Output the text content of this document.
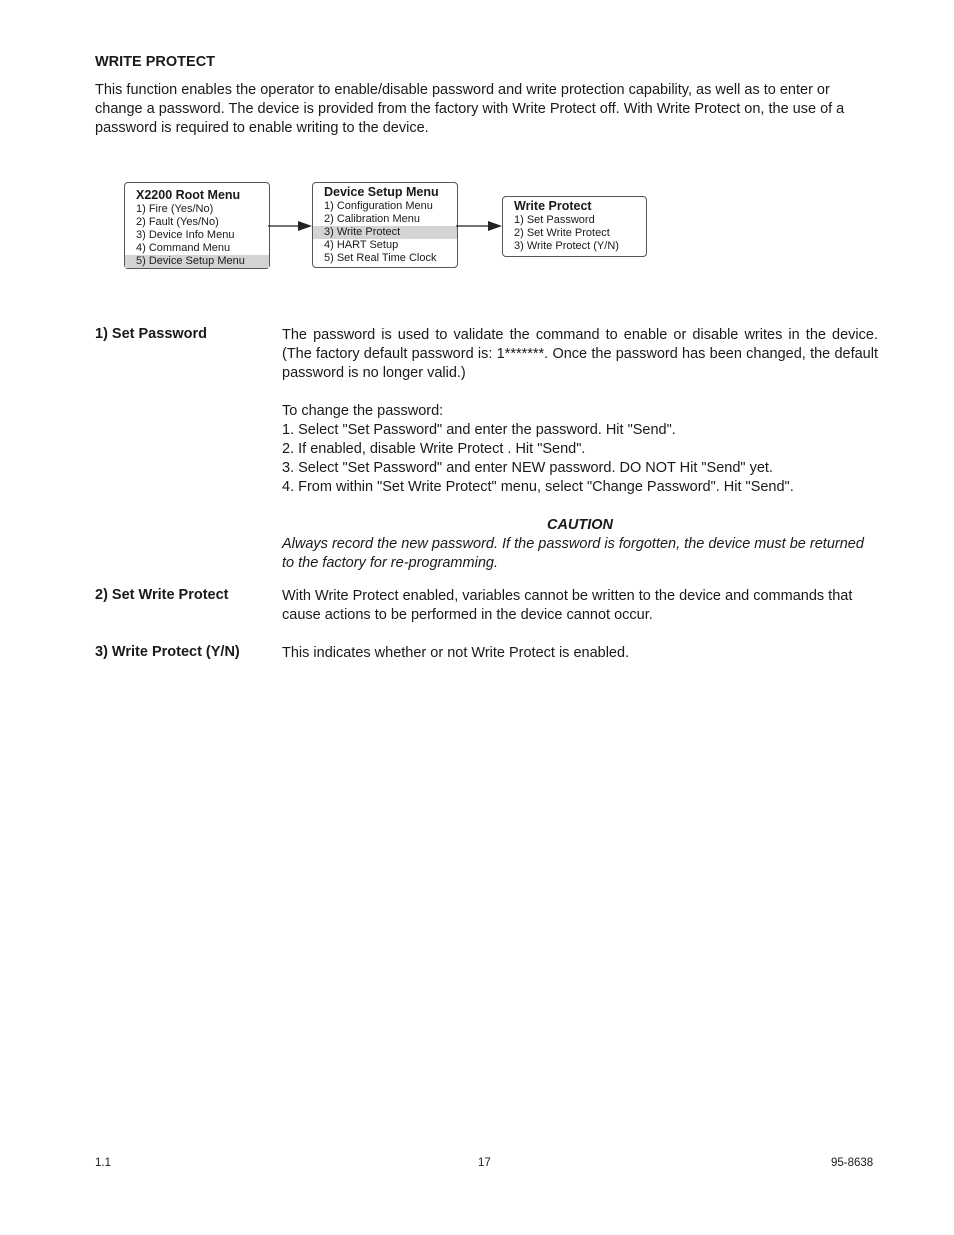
WRITE PROTECT

This function enables the operator to enable/disable password and write protection capability, as well as to enter or change a password. The device is provided from the factory with Write Protect off. With Write Protect on, the use of a password is required to enable writing to the device.

X2200 Root Menu
1) Fire (Yes/No)
2) Fault (Yes/No)
3) Device Info Menu
4) Command Menu
5) Device Setup Menu
Device Setup Menu
1) Configuration Menu
2) Calibration Menu
3) Write Protect
4) HART Setup
5) Set Real Time Clock
Write Protect
1) Set Password
2) Set Write Protect
3) Write Protect (Y/N)
1) Set Password	The password is used to validate the command to enable or disable writes in the device. (The factory default password is: 1*******. Once the password has been changed, the default password is no longer valid.)

To change the password:

1. Select "Set Password" and enter the password. Hit "Send".
2. If enabled, disable Write Protect . Hit "Send".
3. Select "Set Password" and enter NEW password. DO NOT Hit "Send" yet.
4. From within "Set Write Protect" menu, select "Change Password". Hit "Send".

CAUTION

Always record the new password. If the password is forgotten, the device must be returned to the factory for re-programming.

2) Set Write Protect	With Write Protect enabled, variables cannot be written to the device and commands that cause actions to be performed in the device cannot occur.

3) Write Protect (Y/N)	This indicates whether or not Write Protect is enabled.

1.1	17	95-8638
